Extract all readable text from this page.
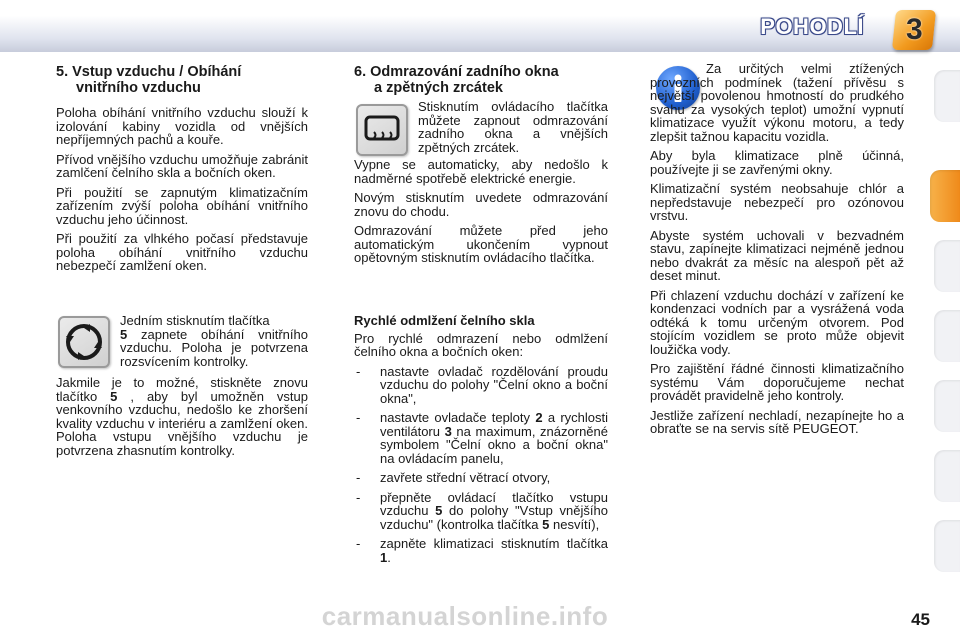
POHODLÍ 3
5. Vstup vzduchu / Obíhání
vnitřního vzduchu

Poloha obíhání vnitřního vzduchu slouží k izolování kabiny vozidla od vnějších nepříjemných pachů a kouře.

Přívod vnějšího vzduchu umožňuje zabránit zamlčení čelního skla a bočních oken.

Při použití se zapnutým klimatizačním zařízením zvýší poloha obíhání vnitřního vzduchu jeho účinnost.

Při použití za vlhkého počasí představuje poloha obíhání vnitřního vzduchu nebezpečí zamlžení oken.

Jedním stisknutím tlačítka
5 zapnete obíhání vnitřního vzduchu. Poloha je potvrzena rozsvícením kontrolky.

Jakmile je to možné, stiskněte znovu tlačítko 5 , aby byl umožněn vstup venkovního vzduchu, nedošlo ke zhoršení kvality vzduchu v interiéru a zamlžení oken. Poloha vstupu vnějšího vzduchu je potvrzena zhasnutím kontrolky.

6. Odmrazování zadního okna
a zpětných zrcátek

Stisknutím ovládacího tlačítka můžete zapnout odmrazování zadního okna a vnějších zpětných zrcátek.

Vypne se automaticky, aby nedošlo k nadměrné spotřebě elektrické energie.

Novým stisknutím uvedete odmrazování znovu do chodu.

Odmrazování můžete před jeho automatickým ukončením vypnout opětovným stisknutím ovládacího tlačítka.

Rychlé odmlžení čelního skla

Pro rychlé odmrazení nebo odmlžení čelního okna a bočních oken:

- nastavte ovladač rozdělování proudu vzduchu do polohy "Čelní okno a boční okna",
- nastavte ovladače teploty 2 a rychlosti ventilátoru 3 na maximum, znázorněné symbolem "Čelní okno a boční okna" na ovládacím panelu,
- zavřete střední větrací otvory,
- přepněte ovládací tlačítko vstupu vzduchu 5 do polohy "Vstup vnějšího vzduchu" (kontrolka tlačítka 5 nesvítí),
- zapněte klimatizaci stisknutím tlačítka 1.

Za určitých velmi ztížených provozních podmínek (tažení přívěsu s největší povolenou hmotností do prudkého svahu za vysokých teplot) umožní vypnutí klimatizace využít výkonu motoru, a tedy zlepšit tažnou kapacitu vozidla.

Aby byla klimatizace plně účinná, používejte ji se zavřenými okny.

Klimatizační systém neobsahuje chlór a nepředstavuje nebezpečí pro ozónovou vrstvu.

Abyste systém uchovali v bezvadném stavu, zapínejte klimatizaci nejméně jednou nebo dvakrát za měsíc na alespoň pět až deset minut.

Při chlazení vzduchu dochází v zařízení ke kondenzaci vodních par a vysrážená voda odtéká k tomu určeným otvorem. Pod stojícím vozidlem se proto může objevit loužička vody.

Pro zajištění řádné činnosti klimatizačního systému Vám doporučujeme nechat provádět pravidelně jeho kontroly.

Jestliže zařízení nechladí, nezapínejte ho a obraťte se na servis sítě PEUGEOT.

carmanualsonline.info	45
